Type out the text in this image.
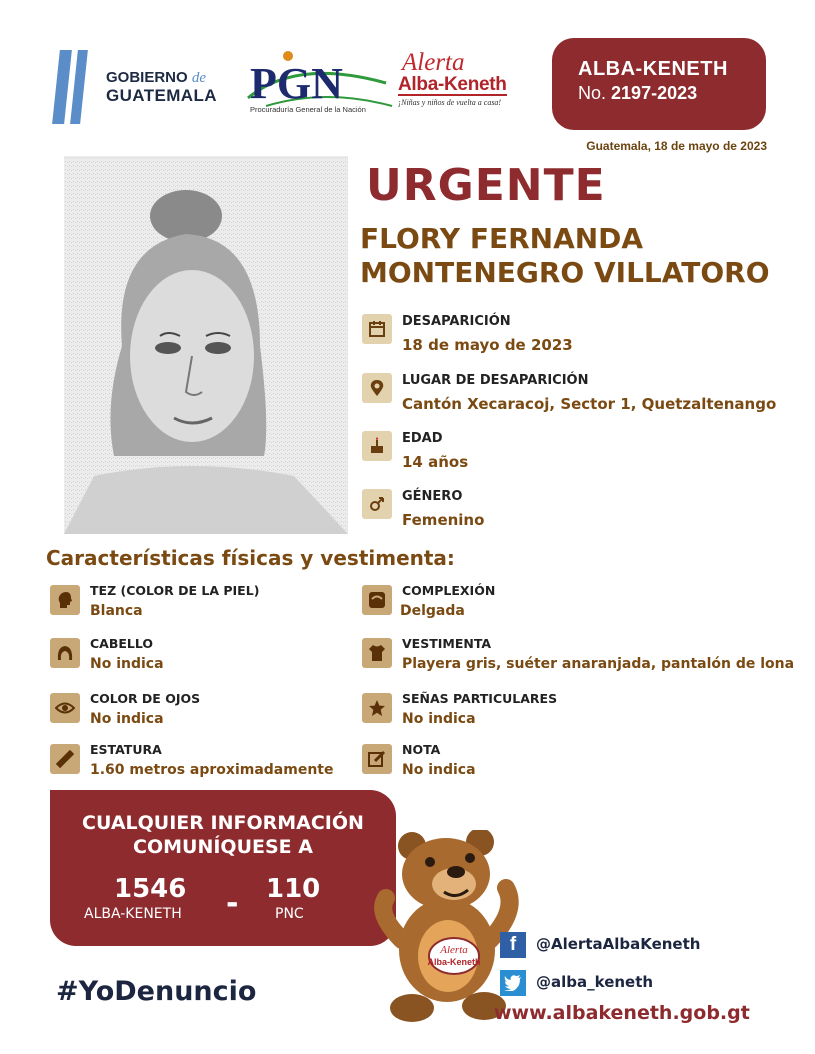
GOBIERNO de
GUATEMALA PGN
Procuraduría General de la Nación
Alerta
Alba-Keneth
¡Niñas y niños de vuelta a casa!
ALBA-KENETH
No. 2197-2023
Guatemala, 18 de mayo de 2023
URGENTE
FLORY FERNANDA
MONTENEGRO VILLATORO
DESAPARICIÓN
18 de mayo de 2023
LUGAR DE DESAPARICIÓN
Cantón Xecaracoj, Sector 1, Quetzaltenango
EDAD
14 años
GÉNERO
Femenino
Características físicas y vestimenta:
TEZ (COLOR DE LA PIEL)
Blanca
CABELLO
No indica
COLOR DE OJOS
No indica
ESTATURA
1.60 metros aproximadamente
COMPLEXIÓN
Delgada
VESTIMENTA
Playera gris, suéter anaranjada, pantalón de lona
SEÑAS PARTICULARES
No indica
NOTA
No indica
CUALQUIER INFORMACIÓN
COMUNÍQUESE A
1546
ALBA-KENETH - 110
PNC
#YoDenuncio
Alerta
Alba-Keneth
f	@AlertaAlbaKeneth
@alba_keneth
www.albakeneth.gob.gt
